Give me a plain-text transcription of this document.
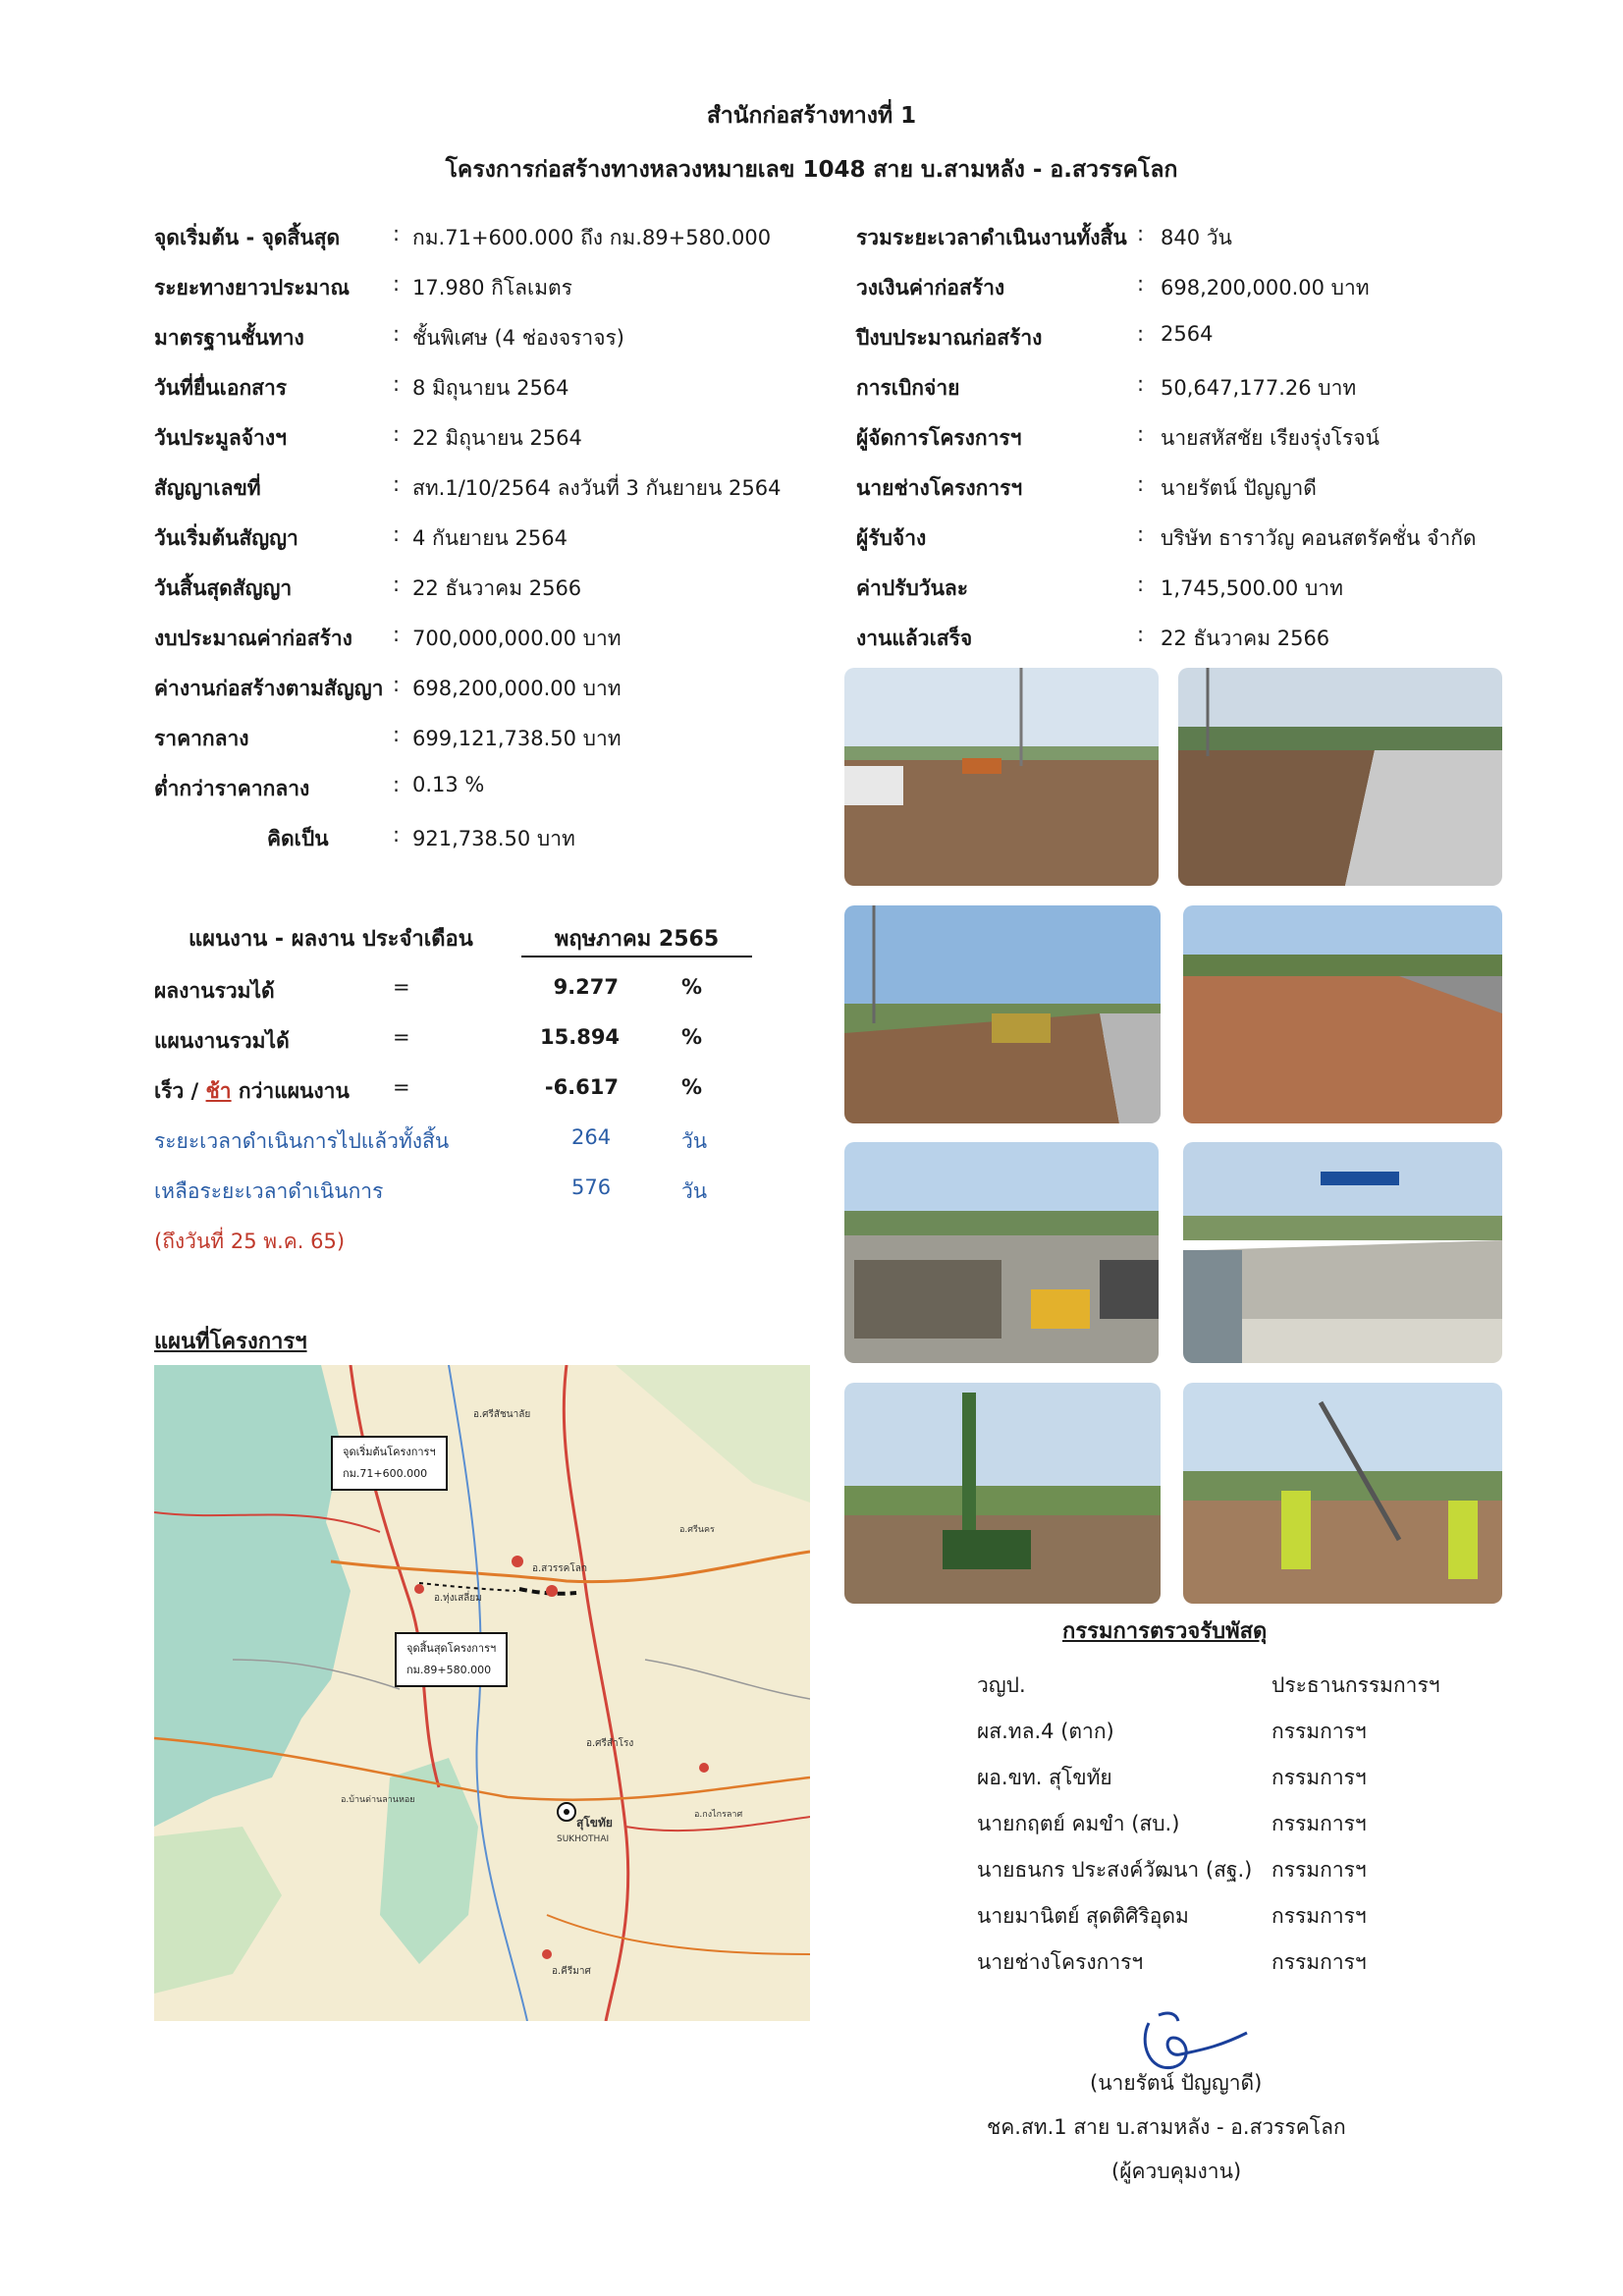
สำนักก่อสร้างทางที่ 1
โครงการก่อสร้างทางหลวงหมายเลข 1048 สาย บ.สามหลัง - อ.สวรรคโลก
จุดเริ่มต้น - จุดสิ้นสุด	: กม.71+600.000 ถึง กม.89+580.000
ระยะทางยาวประมาณ : 17.980 กิโลเมตร
มาตรฐานชั้นทาง	: ชั้นพิเศษ (4 ช่องจราจร)
วันที่ยื่นเอกสาร	: 8 มิถุนายน 2564
วันประมูลจ้างฯ	: 22 มิถุนายน 2564
สัญญาเลขที่	: สท.1/10/2564 ลงวันที่ 3 กันยายน 2564
วันเริ่มต้นสัญญา	: 4 กันยายน 2564
วันสิ้นสุดสัญญา	: 22 ธันวาคม 2566
งบประมาณค่าก่อสร้าง : 700,000,000.00 บาท
ค่างานก่อสร้างตามสัญญา : 698,200,000.00 บาท
ราคากลาง	: 699,121,738.50 บาท
ต่ำกว่าราคากลาง	: 0.13 %
คิดเป็น	: 921,738.50 บาท
รวมระยะเวลาดำเนินงานทั้งสิ้น : 840 วัน
วงเงินค่าก่อสร้าง	: 698,200,000.00 บาท
ปีงบประมาณก่อสร้าง	: 2564
การเบิกจ่าย	: 50,647,177.26 บาท
ผู้จัดการโครงการฯ	: นายสหัสชัย เรียงรุ่งโรจน์
นายช่างโครงการฯ	: นายรัตน์ ปัญญาดี
ผู้รับจ้าง	: บริษัท ธาราวัญ คอนสตรัคชั่น จำกัด
ค่าปรับวันละ	: 1,745,500.00 บาท
งานแล้วเสร็จ	: 22 ธันวาคม 2566
แผนงาน - ผลงาน ประจำเดือน	พฤษภาคม 2565
ผลงานรวมได้	=	9.277	%
แผนงานรวมได้	=	15.894	%
เร็ว / ช้า กว่าแผนงาน =	-6.617	%
ระยะเวลาดำเนินการไปแล้วทั้งสิ้น	264	วัน
เหลือระยะเวลาดำเนินการ	576	วัน
(ถึงวันที่ 25 พ.ค. 65)
แผนที่โครงการฯ
อ.ศรีสัชนาลัย
อ.สวรรคโลก
อ.ทุ่งเสลี่ยม
สุโขทัย
SUKHOTHAI
อ.ศรีสำโรง
อ.คีรีมาศ
อ.บ้านด่านลานหอย
อ.กงไกรลาศ
อ.ศรีนคร
จุดเริ่มต้นโครงการฯ
กม.71+600.000
จุดสิ้นสุดโครงการฯ
กม.89+580.000
กรรมการตรวจรับพัสดุ
วญป.	ประธานกรรมการฯ
ผส.ทล.4 (ตาก)	กรรมการฯ
ผอ.ขท. สุโขทัย	กรรมการฯ
นายกฤตย์ คมขำ (สบ.)	กรรมการฯ
นายธนกร ประสงค์วัฒนา (สฐ.) กรรมการฯ
นายมานิตย์ สุดติศิริอุดม	กรรมการฯ
นายช่างโครงการฯ	กรรมการฯ
(นายรัตน์ ปัญญาดี)
ชค.สท.1 สาย บ.สามหลัง - อ.สวรรคโลก
(ผู้ควบคุมงาน)
